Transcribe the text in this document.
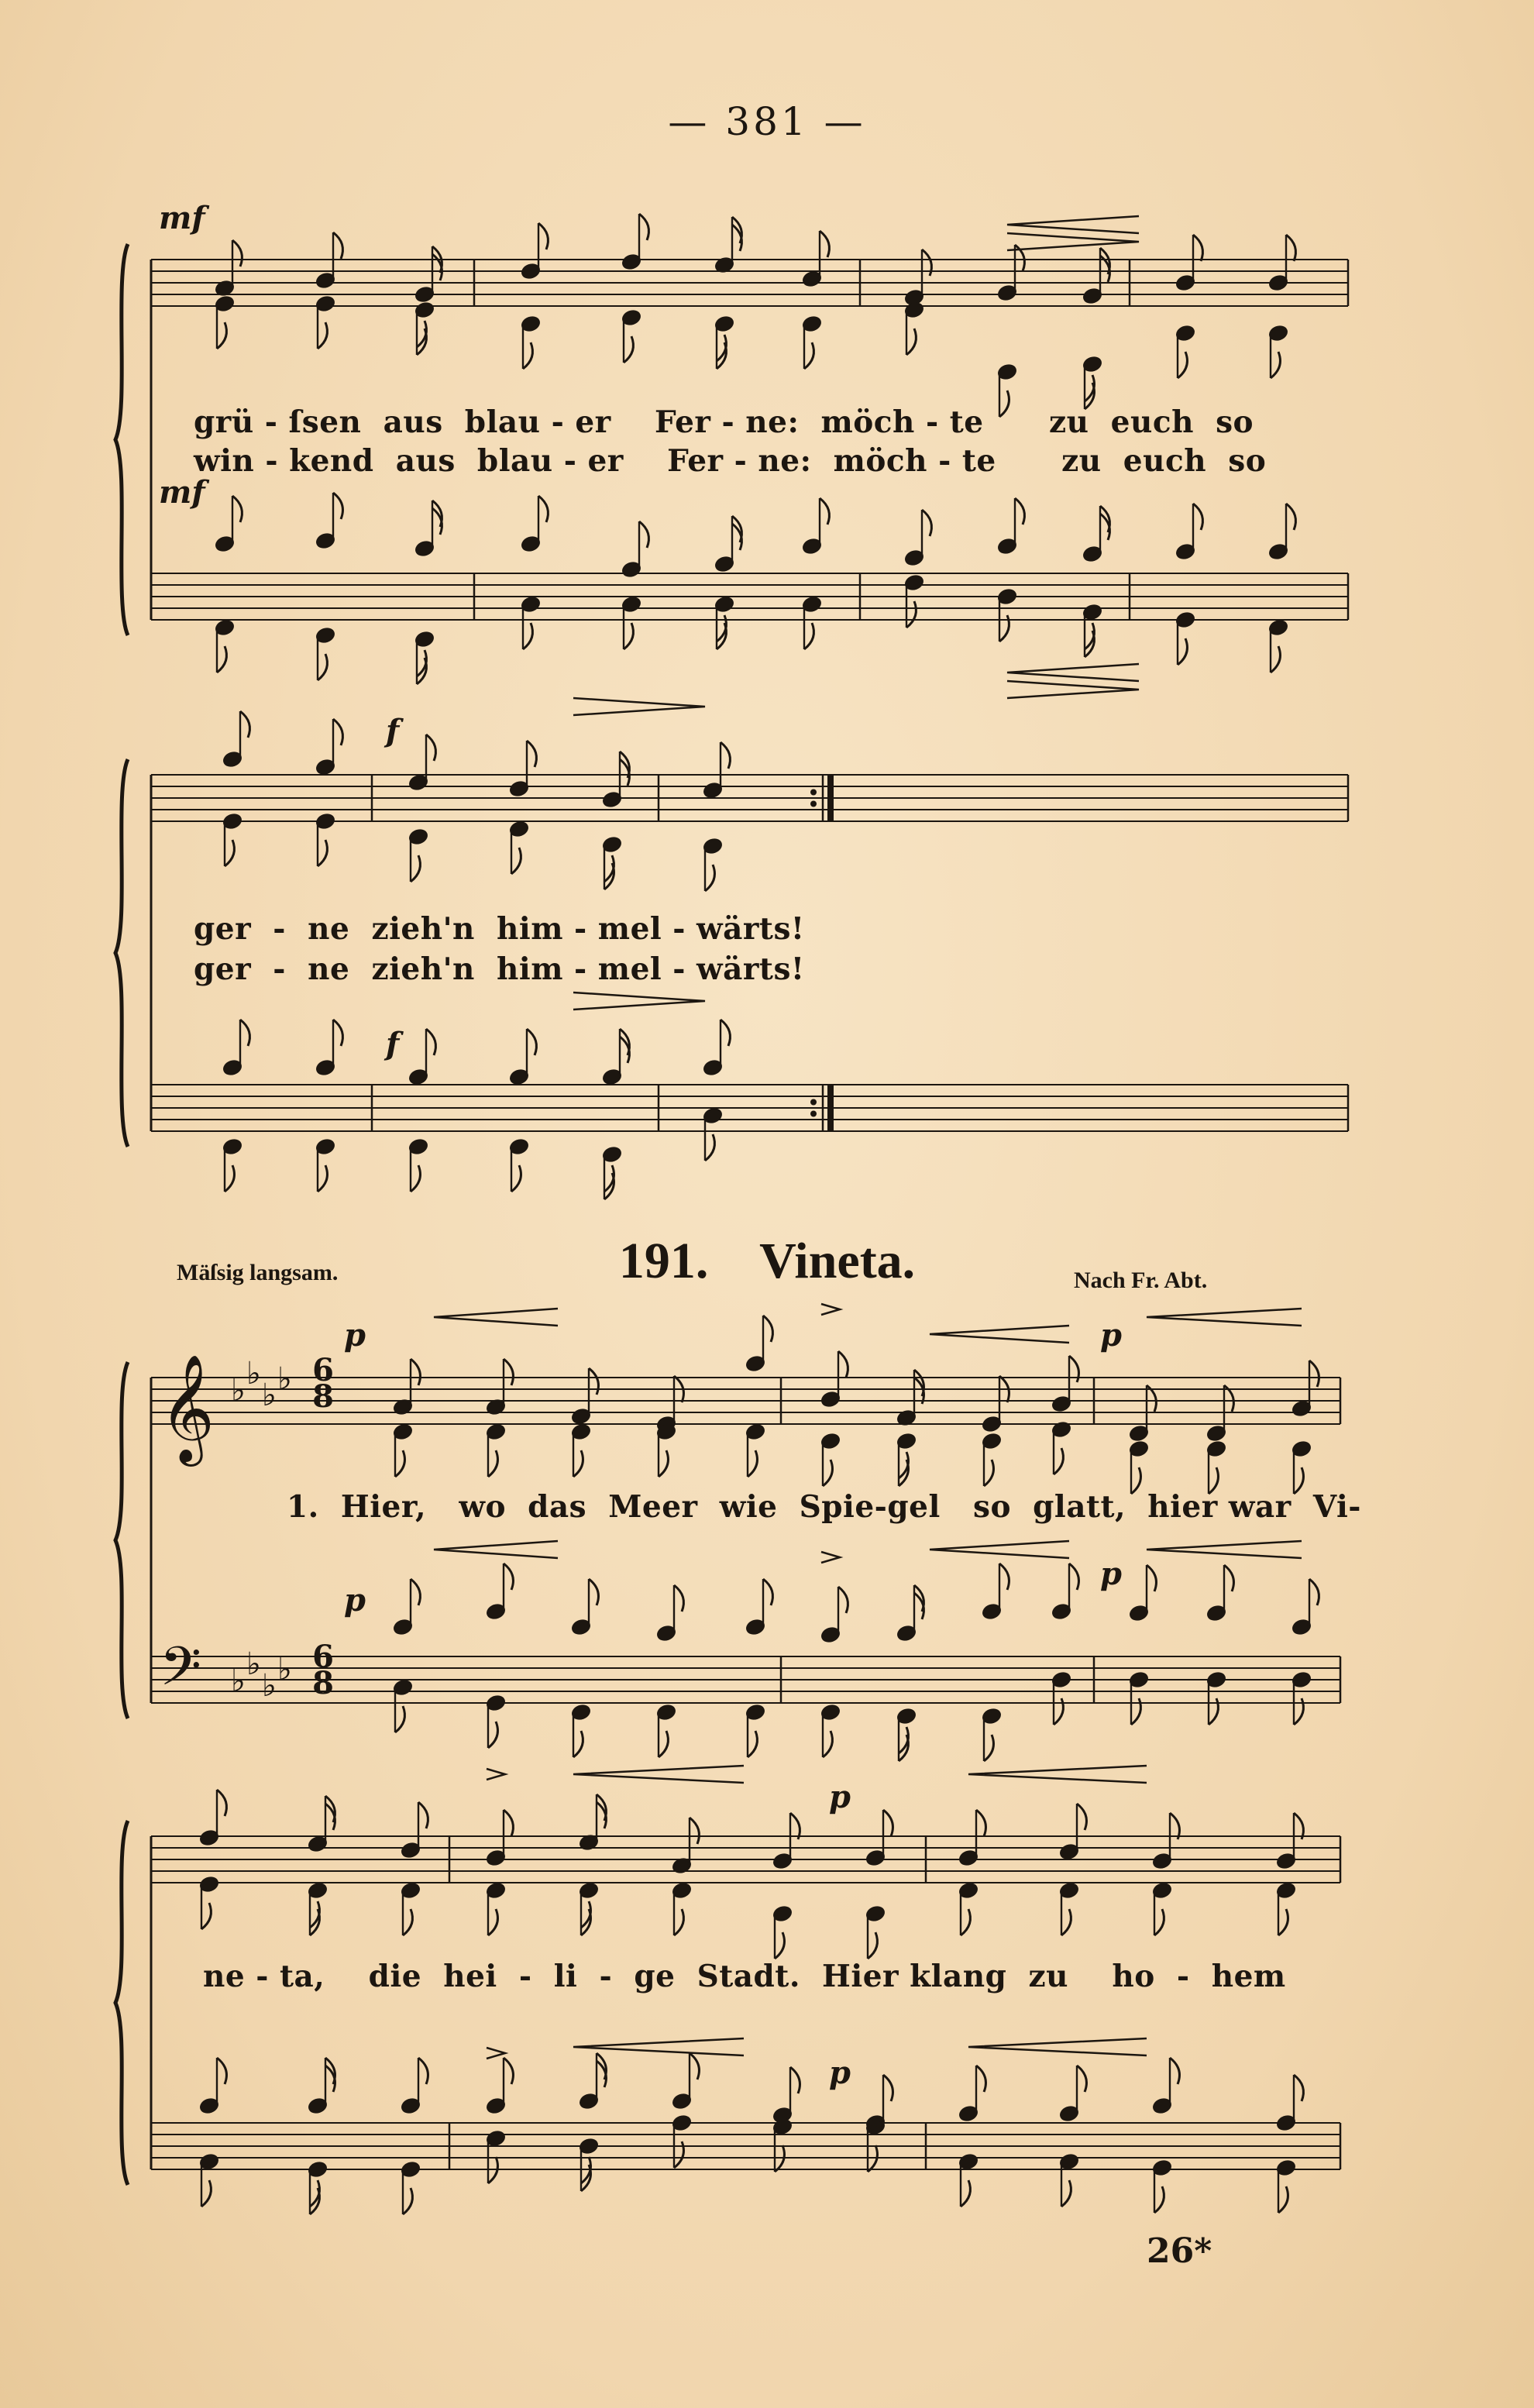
— 381 —
𝄞
𝄢
♭ ♭
♭ ♭
♭ ♭
♭ ♭
mf
grü - ſsen  aus  blau - er    Fer - ne:  möch - te      zu  euch  so
win - kend  aus  blau - er    Fer - ne:  möch - te      zu  euch  so
mf
f
ger  -  ne  zieh'n  him - mel - wärts!
ger  -  ne  zieh'n  him - mel - wärts!
f
Mäſsig langsam.	191. Vineta.	Nach Fr. Abt.
p	p
1.  Hier,   wo  das  Meer  wie  Spie-gel   so  glatt,  hier war  Vi-
p
p
p
ne - ta,    die  hei  -  li  -  ge  Stadt.  Hier klang  zu    ho  -  hem
p
6
8
6
8
26*
